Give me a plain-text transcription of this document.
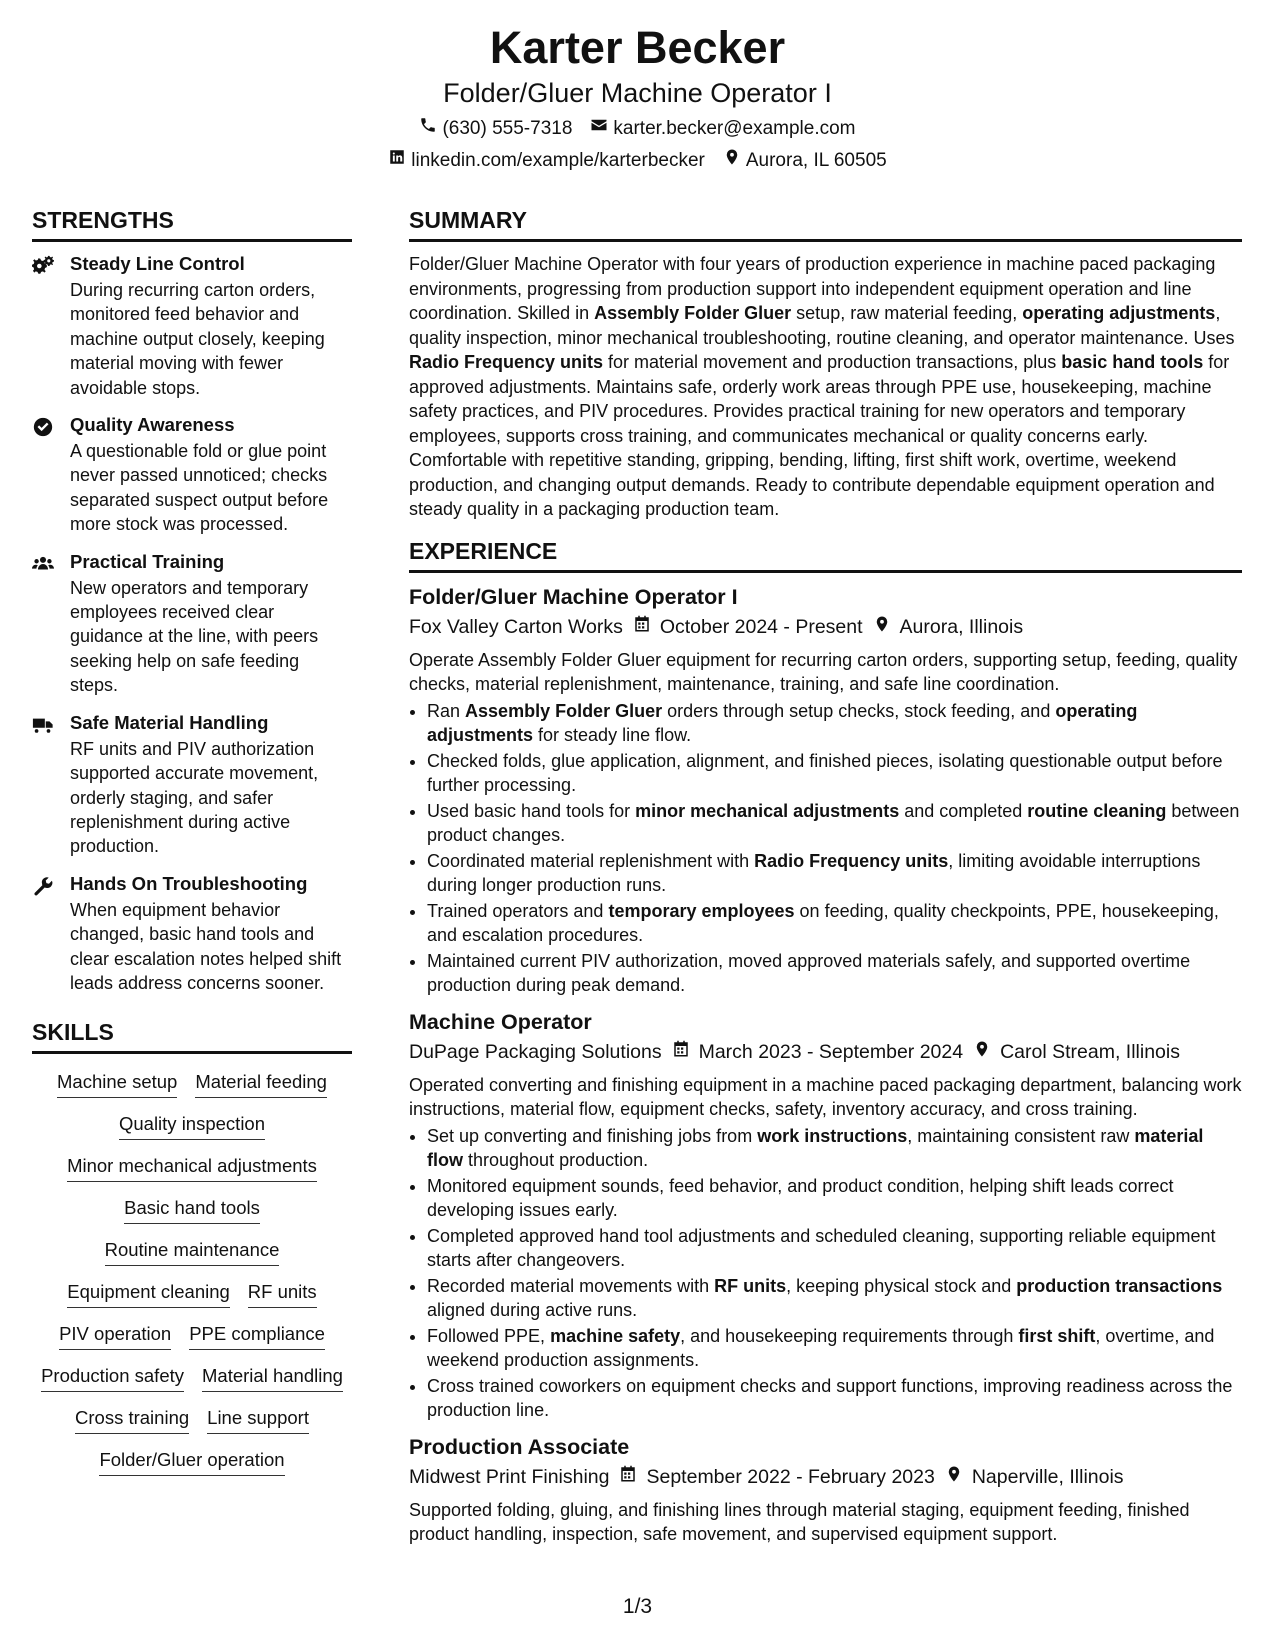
Karter Becker
Folder/Gluer Machine Operator I
(630) 555-7318 karter.becker@example.com
linkedin.com/example/karterbecker Aurora, IL 60505
STRENGTHS
Steady Line Control
During recurring carton orders, monitored feed behavior and machine output closely, keeping material moving with fewer avoidable stops.
Quality Awareness
A questionable fold or glue point never passed unnoticed; checks separated suspect output before more stock was processed.
Practical Training
New operators and temporary employees received clear guidance at the line, with peers seeking help on safe feeding steps.
Safe Material Handling
RF units and PIV authorization supported accurate movement, orderly staging, and safer replenishment during active production.
Hands On Troubleshooting
When equipment behavior changed, basic hand tools and clear escalation notes helped shift leads address concerns sooner.
SKILLS
Machine setup Material feeding
Quality inspection
Minor mechanical adjustments
Basic hand tools
Routine maintenance
Equipment cleaning RF units
PIV operation PPE compliance
Production safety Material handling
Cross training Line support
Folder/Gluer operation
SUMMARY
Folder/Gluer Machine Operator with four years of production experience in machine paced packaging environments, progressing from production support into independent equipment operation and line coordination. Skilled in Assembly Folder Gluer setup, raw material feeding, operating adjustments, quality inspection, minor mechanical troubleshooting, routine cleaning, and operator maintenance. Uses Radio Frequency units for material movement and production transactions, plus basic hand tools for approved adjustments. Maintains safe, orderly work areas through PPE use, housekeeping, machine safety practices, and PIV procedures. Provides practical training for new operators and temporary employees, supports cross training, and communicates mechanical or quality concerns early. Comfortable with repetitive standing, gripping, bending, lifting, first shift work, overtime, weekend production, and changing output demands. Ready to contribute dependable equipment operation and steady quality in a packaging production team.
EXPERIENCE
Folder/Gluer Machine Operator I
Fox Valley Carton Works October 2024 - Present Aurora, Illinois
Operate Assembly Folder Gluer equipment for recurring carton orders, supporting setup, feeding, quality checks, material replenishment, maintenance, training, and safe line coordination.
• Ran Assembly Folder Gluer orders through setup checks, stock feeding, and operating adjustments for steady line flow.
• Checked folds, glue application, alignment, and finished pieces, isolating questionable output before further processing.
• Used basic hand tools for minor mechanical adjustments and completed routine cleaning between product changes.
• Coordinated material replenishment with Radio Frequency units, limiting avoidable interruptions during longer production runs.
• Trained operators and temporary employees on feeding, quality checkpoints, PPE, housekeeping, and escalation procedures.
• Maintained current PIV authorization, moved approved materials safely, and supported overtime production during peak demand.
Machine Operator
DuPage Packaging Solutions March 2023 - September 2024 Carol Stream, Illinois
Operated converting and finishing equipment in a machine paced packaging department, balancing work instructions, material flow, equipment checks, safety, inventory accuracy, and cross training.
• Set up converting and finishing jobs from work instructions, maintaining consistent raw material flow throughout production.
• Monitored equipment sounds, feed behavior, and product condition, helping shift leads correct developing issues early.
• Completed approved hand tool adjustments and scheduled cleaning, supporting reliable equipment starts after changeovers.
• Recorded material movements with RF units, keeping physical stock and production transactions aligned during active runs.
• Followed PPE, machine safety, and housekeeping requirements through first shift, overtime, and weekend production assignments.
• Cross trained coworkers on equipment checks and support functions, improving readiness across the production line.
Production Associate
Midwest Print Finishing September 2022 - February 2023 Naperville, Illinois
Supported folding, gluing, and finishing lines through material staging, equipment feeding, finished product handling, inspection, safe movement, and supervised equipment support.
1/3
